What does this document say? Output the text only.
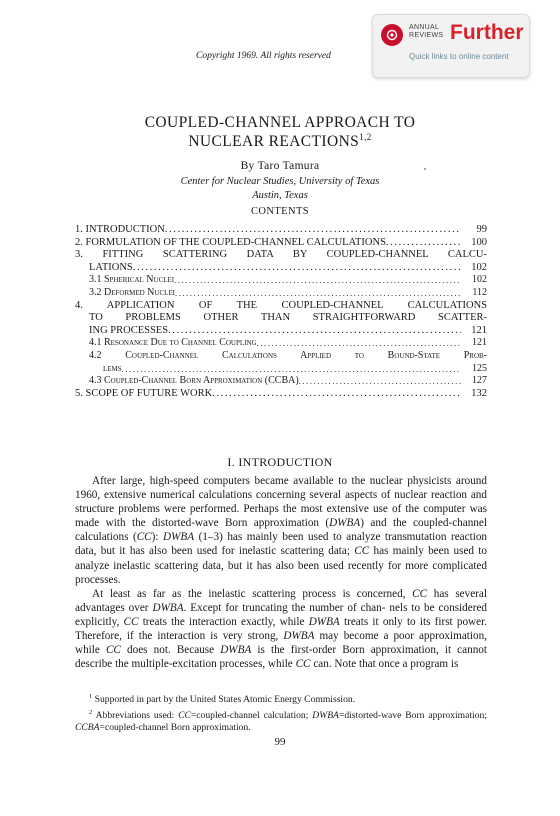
Copyright 1969. All rights reserved
ANNUAL
REVIEWS Further
Quick links to online content
COUPLED-CHANNEL APPROACH TO
NUCLEAR REACTIONS$^{1,2}$
By Taro Tamura
Center for Nuclear Studies, University of Texas
Austin, Texas
CONTENTS
1. INTRODUCTION .....	99
2. FORMULATION OF THE COUPLED-CHANNEL CALCULATIONS .....	100
3. FITTING SCATTERING DATA BY COUPLED-CHANNEL CALCU-
LATIONS .....	102
3.1 Spherical Nuclei .....	102
3.2 Deformed Nuclei .....	112
4. APPLICATION OF THE COUPLED-CHANNEL CALCULATIONS
TO PROBLEMS OTHER THAN STRAIGHTFORWARD SCATTER-
ING PROCESSES .....	121
4.1 Resonance Due to Channel Coupling .....	121
4.2 Coupled-Channel Calculations Applied to Bound-State Prob-
lems .....	125
4.3 Coupled-Channel Born Approximation (CCBA) .....	127
5. SCOPE OF FUTURE WORK .....	132
I. INTRODUCTION

After large, high-speed computers became available to the nuclear physicists around 1960, extensive numerical calculations concerning several aspects of nuclear reaction and structure problems were performed. Perhaps the most extensive use of the computer was made with the distorted-wave Born approximation (DWBA) and the coupled-channel calculations (CC): DWBA (1–3) has mainly been used to analyze transmutation reaction data, but it has also been used for inelastic scattering data; CC has mainly been used to analyze inelastic scattering data, but it has also been used recently for more complicated processes.

At least as far as the inelastic scattering process is concerned, CC has several advantages over DWBA. Except for truncating the number of chan- nels to be considered explicitly, CC treats the interaction exactly, while DWBA treats it only to its first power. Therefore, if the interaction is very strong, DWBA may become a poor approximation, while CC does not. Because DWBA is the first-order Born approximation, it cannot describe the multiple-excitation processes, while CC can. Note that once a program is

$^1$ Supported in part by the United States Atomic Energy Commission.

$^2$ Abbreviations used: CC=coupled-channel calculation; DWBA=distorted-wave Born approximation; CCBA=coupled-channel Born approximation.

99
